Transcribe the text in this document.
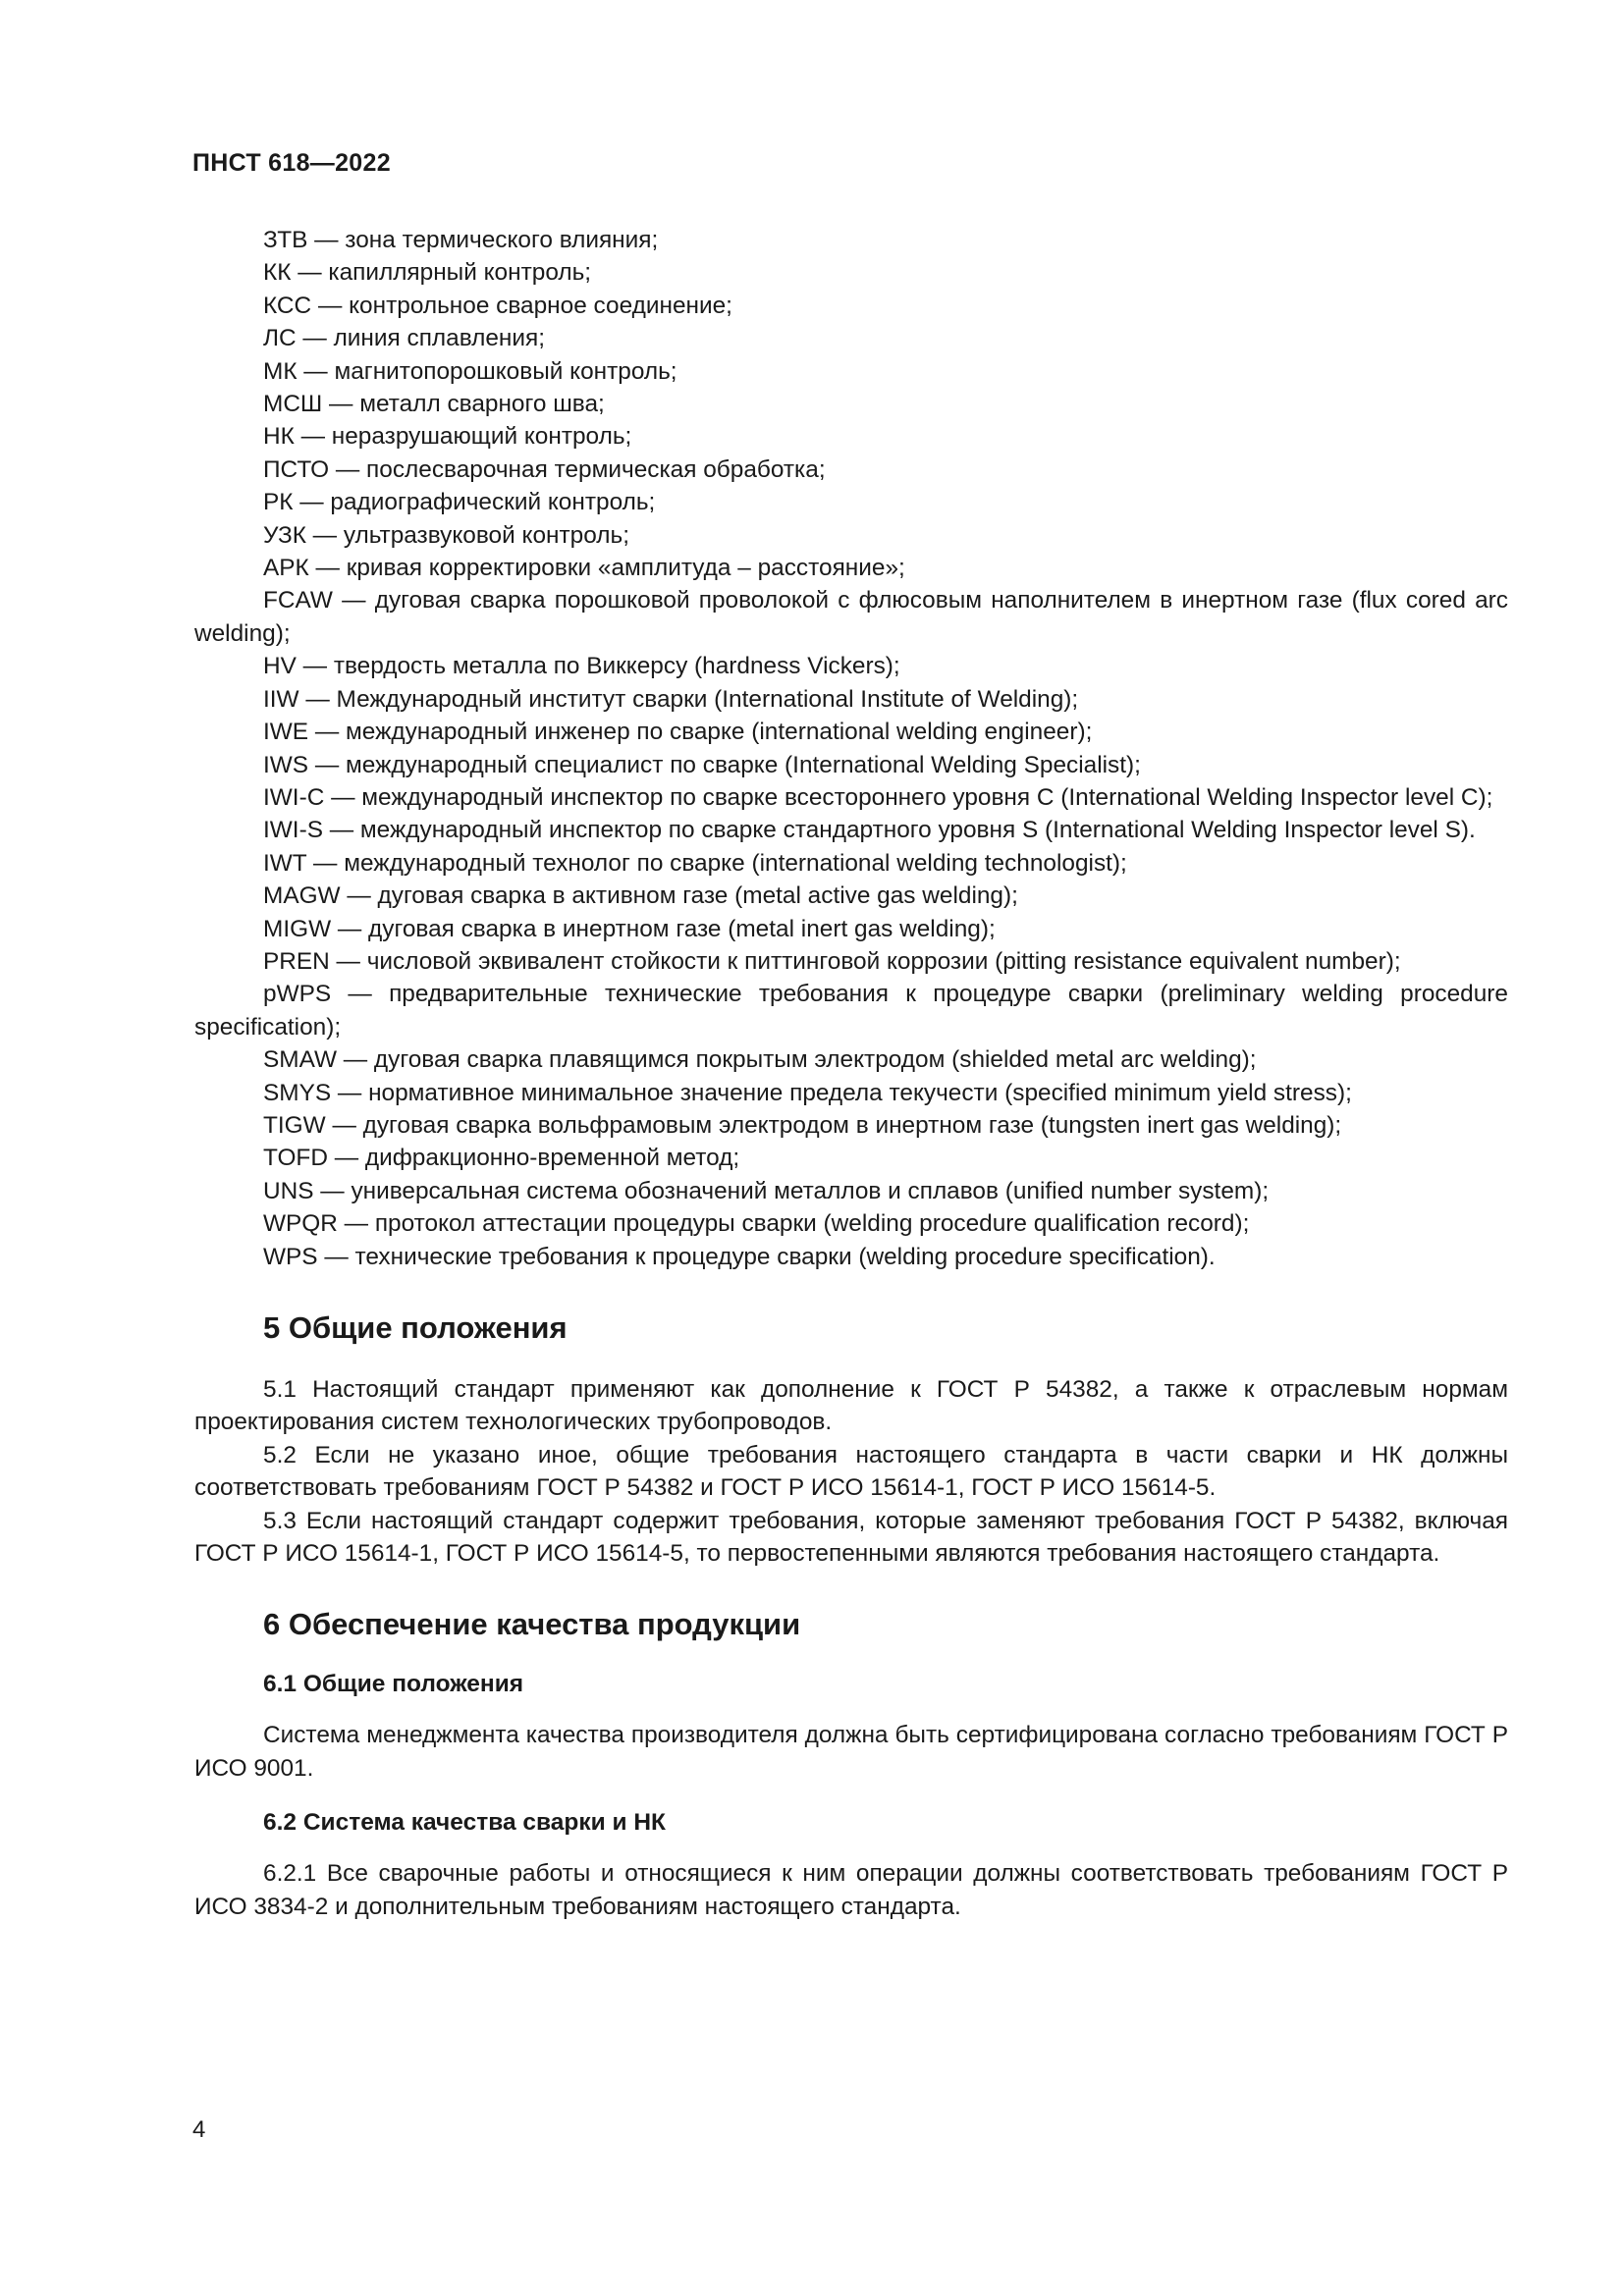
ПНСТ 618—2022

ЗТВ — зона термического влияния;

КК — капиллярный контроль;

КСС — контрольное сварное соединение;

ЛС — линия сплавления;

МК — магнитопорошковый контроль;

МСШ — металл сварного шва;

НК — неразрушающий контроль;

ПСТО — послесварочная термическая обработка;

РК — радиографический контроль;

УЗК — ультразвуковой контроль;

АРК — кривая корректировки «амплитуда – расстояние»;

FCAW — дуговая сварка порошковой проволокой с флюсовым наполнителем в инертном газе (flux cored arc welding);

HV — твердость металла по Виккерсу (hardness Vickers);

IIW — Международный институт сварки (International Institute of Welding);

IWE — международный инженер по сварке (international welding engineer);

IWS — международный специалист по сварке (International Welding Specialist);

IWI-C — международный инспектор по сварке всестороннего уровня С (International Welding Inspector level C);

IWI-S — международный инспектор по сварке стандартного уровня S (International Welding Inspector level S).

IWT — международный технолог по сварке (international welding technologist);

MAGW — дуговая сварка в активном газе (metal active gas welding);

MIGW — дуговая сварка в инертном газе (metal inert gas welding);

PREN — числовой эквивалент стойкости к питтинговой коррозии (pitting resistance equivalent number);

pWPS — предварительные технические требования к процедуре сварки (preliminary welding procedure specification);

SMAW — дуговая сварка плавящимся покрытым электродом (shielded metal arc welding);

SMYS — нормативное минимальное значение предела текучести (specified minimum yield stress);

TIGW — дуговая сварка вольфрамовым электродом в инертном газе (tungsten inert gas welding);

TOFD — дифракционно-временной метод;

UNS — универсальная система обозначений металлов и сплавов (unified number system);

WPQR — протокол аттестации процедуры сварки (welding procedure qualification record);

WPS — технические требования к процедуре сварки (welding procedure specification).

5 Общие положения

5.1 Настоящий стандарт применяют как дополнение к ГОСТ Р 54382, а также к отраслевым нормам проектирования систем технологических трубопроводов.

5.2 Если не указано иное, общие требования настоящего стандарта в части сварки и НК должны соответствовать требованиям ГОСТ Р 54382 и ГОСТ Р ИСО 15614-1, ГОСТ Р ИСО 15614-5.

5.3 Если настоящий стандарт содержит требования, которые заменяют требования ГОСТ Р 54382, включая ГОСТ Р ИСО 15614-1, ГОСТ Р ИСО 15614-5, то первостепенными являются требования настоящего стандарта.

6 Обеспечение качества продукции
6.1 Общие положения

Система менеджмента качества производителя должна быть сертифицирована согласно требованиям ГОСТ Р ИСО 9001.

6.2 Система качества сварки и НК

6.2.1 Все сварочные работы и относящиеся к ним операции должны соответствовать требованиям ГОСТ Р ИСО 3834-2 и дополнительным требованиям настоящего стандарта.

4
